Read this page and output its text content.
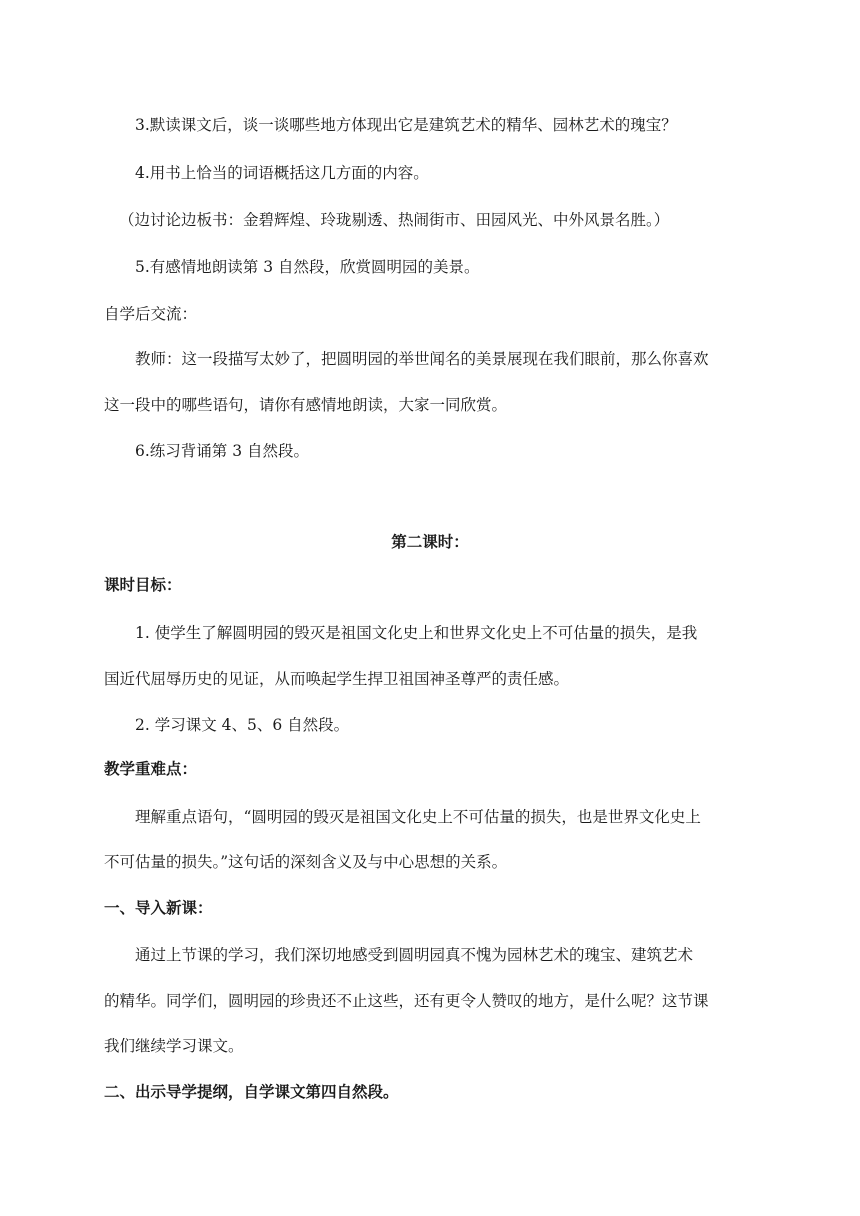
3.默读课文后，谈一谈哪些地方体现出它是建筑艺术的精华、园林艺术的瑰宝？
4.用书上恰当的词语概括这几方面的内容。
（边讨论边板书：金碧辉煌、玲珑剔透、热闹街市、田园风光、中外风景名胜。）
5.有感情地朗读第 3 自然段，欣赏圆明园的美景。
自学后交流：
教师：这一段描写太妙了，把圆明园的举世闻名的美景展现在我们眼前，那么你喜欢
这一段中的哪些语句，请你有感情地朗读，大家一同欣赏。
6.练习背诵第 3 自然段。
第二课时：
课时目标：
1. 使学生了解圆明园的毁灭是祖国文化史上和世界文化史上不可估量的损失，是我
国近代屈辱历史的见证，从而唤起学生捍卫祖国神圣尊严的责任感。
2. 学习课文 4、5、6 自然段。
教学重难点：
理解重点语句，“圆明园的毁灭是祖国文化史上不可估量的损失，也是世界文化史上
不可估量的损失。”这句话的深刻含义及与中心思想的关系。
一、导入新课：
通过上节课的学习，我们深切地感受到圆明园真不愧为园林艺术的瑰宝、建筑艺术
的精华。同学们，圆明园的珍贵还不止这些，还有更令人赞叹的地方，是什么呢？这节课
我们继续学习课文。
二、出示导学提纲，自学课文第四自然段。
